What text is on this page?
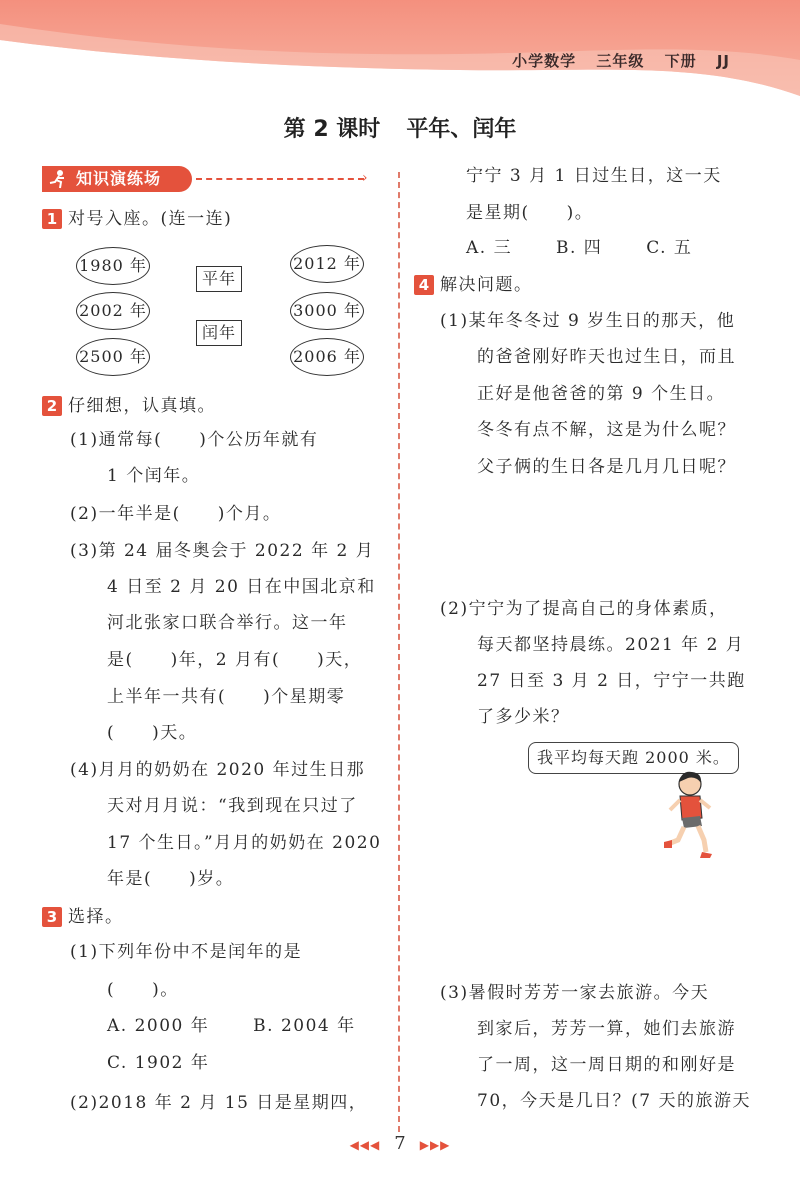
小学数学 三年级 下册 JJ
第 2 课时 平年、闰年
知识演练场	›
1 对号入座。(连一连)
1980 年
2002 年
2500 年
平年
闰年
2012 年
3000 年
2006 年
2 仔细想，认真填。
(1)通常每(　　)个公历年就有
　　1 个闰年。
(2)一年半是(　　)个月。
(3)第 24 届冬奥会于 2022 年 2 月
　　4 日至 2 月 20 日在中国北京和
　　河北张家口联合举行。这一年
　　是(　　)年，2 月有(　　)天，
　　上半年一共有(　　)个星期零
　　(　　)天。
(4)月月的奶奶在 2020 年过生日那
　　天对月月说：“我到现在只过了
　　17 个生日。”月月的奶奶在 2020
　　年是(　　)岁。
3 选择。
(1)下列年份中不是闰年的是
　　(　　)。
　　A. 2000 年　　 B. 2004 年
　　C. 1902 年
(2)2018 年 2 月 15 日是星期四，
宁宁 3 月 1 日过生日，这一天
是星期(　　)。
A. 三　　 B. 四　　 C. 五
4 解决问题。
(1)某年冬冬过 9 岁生日的那天，他
　　的爸爸刚好昨天也过生日，而且
　　正好是他爸爸的第 9 个生日。
　　冬冬有点不解，这是为什么呢？
　　父子俩的生日各是几月几日呢？
(2)宁宁为了提高自己的身体素质，
　　每天都坚持晨练。2021 年 2 月
　　27 日至 3 月 2 日，宁宁一共跑
　　了多少米？
我平均每天跑 2000 米。
(3)暑假时芳芳一家去旅游。今天
　　到家后，芳芳一算，她们去旅游
　　了一周，这一周日期的和刚好是
　　70，今天是几日？(7 天的旅游天
◀◀◀ 7 ▶▶▶
